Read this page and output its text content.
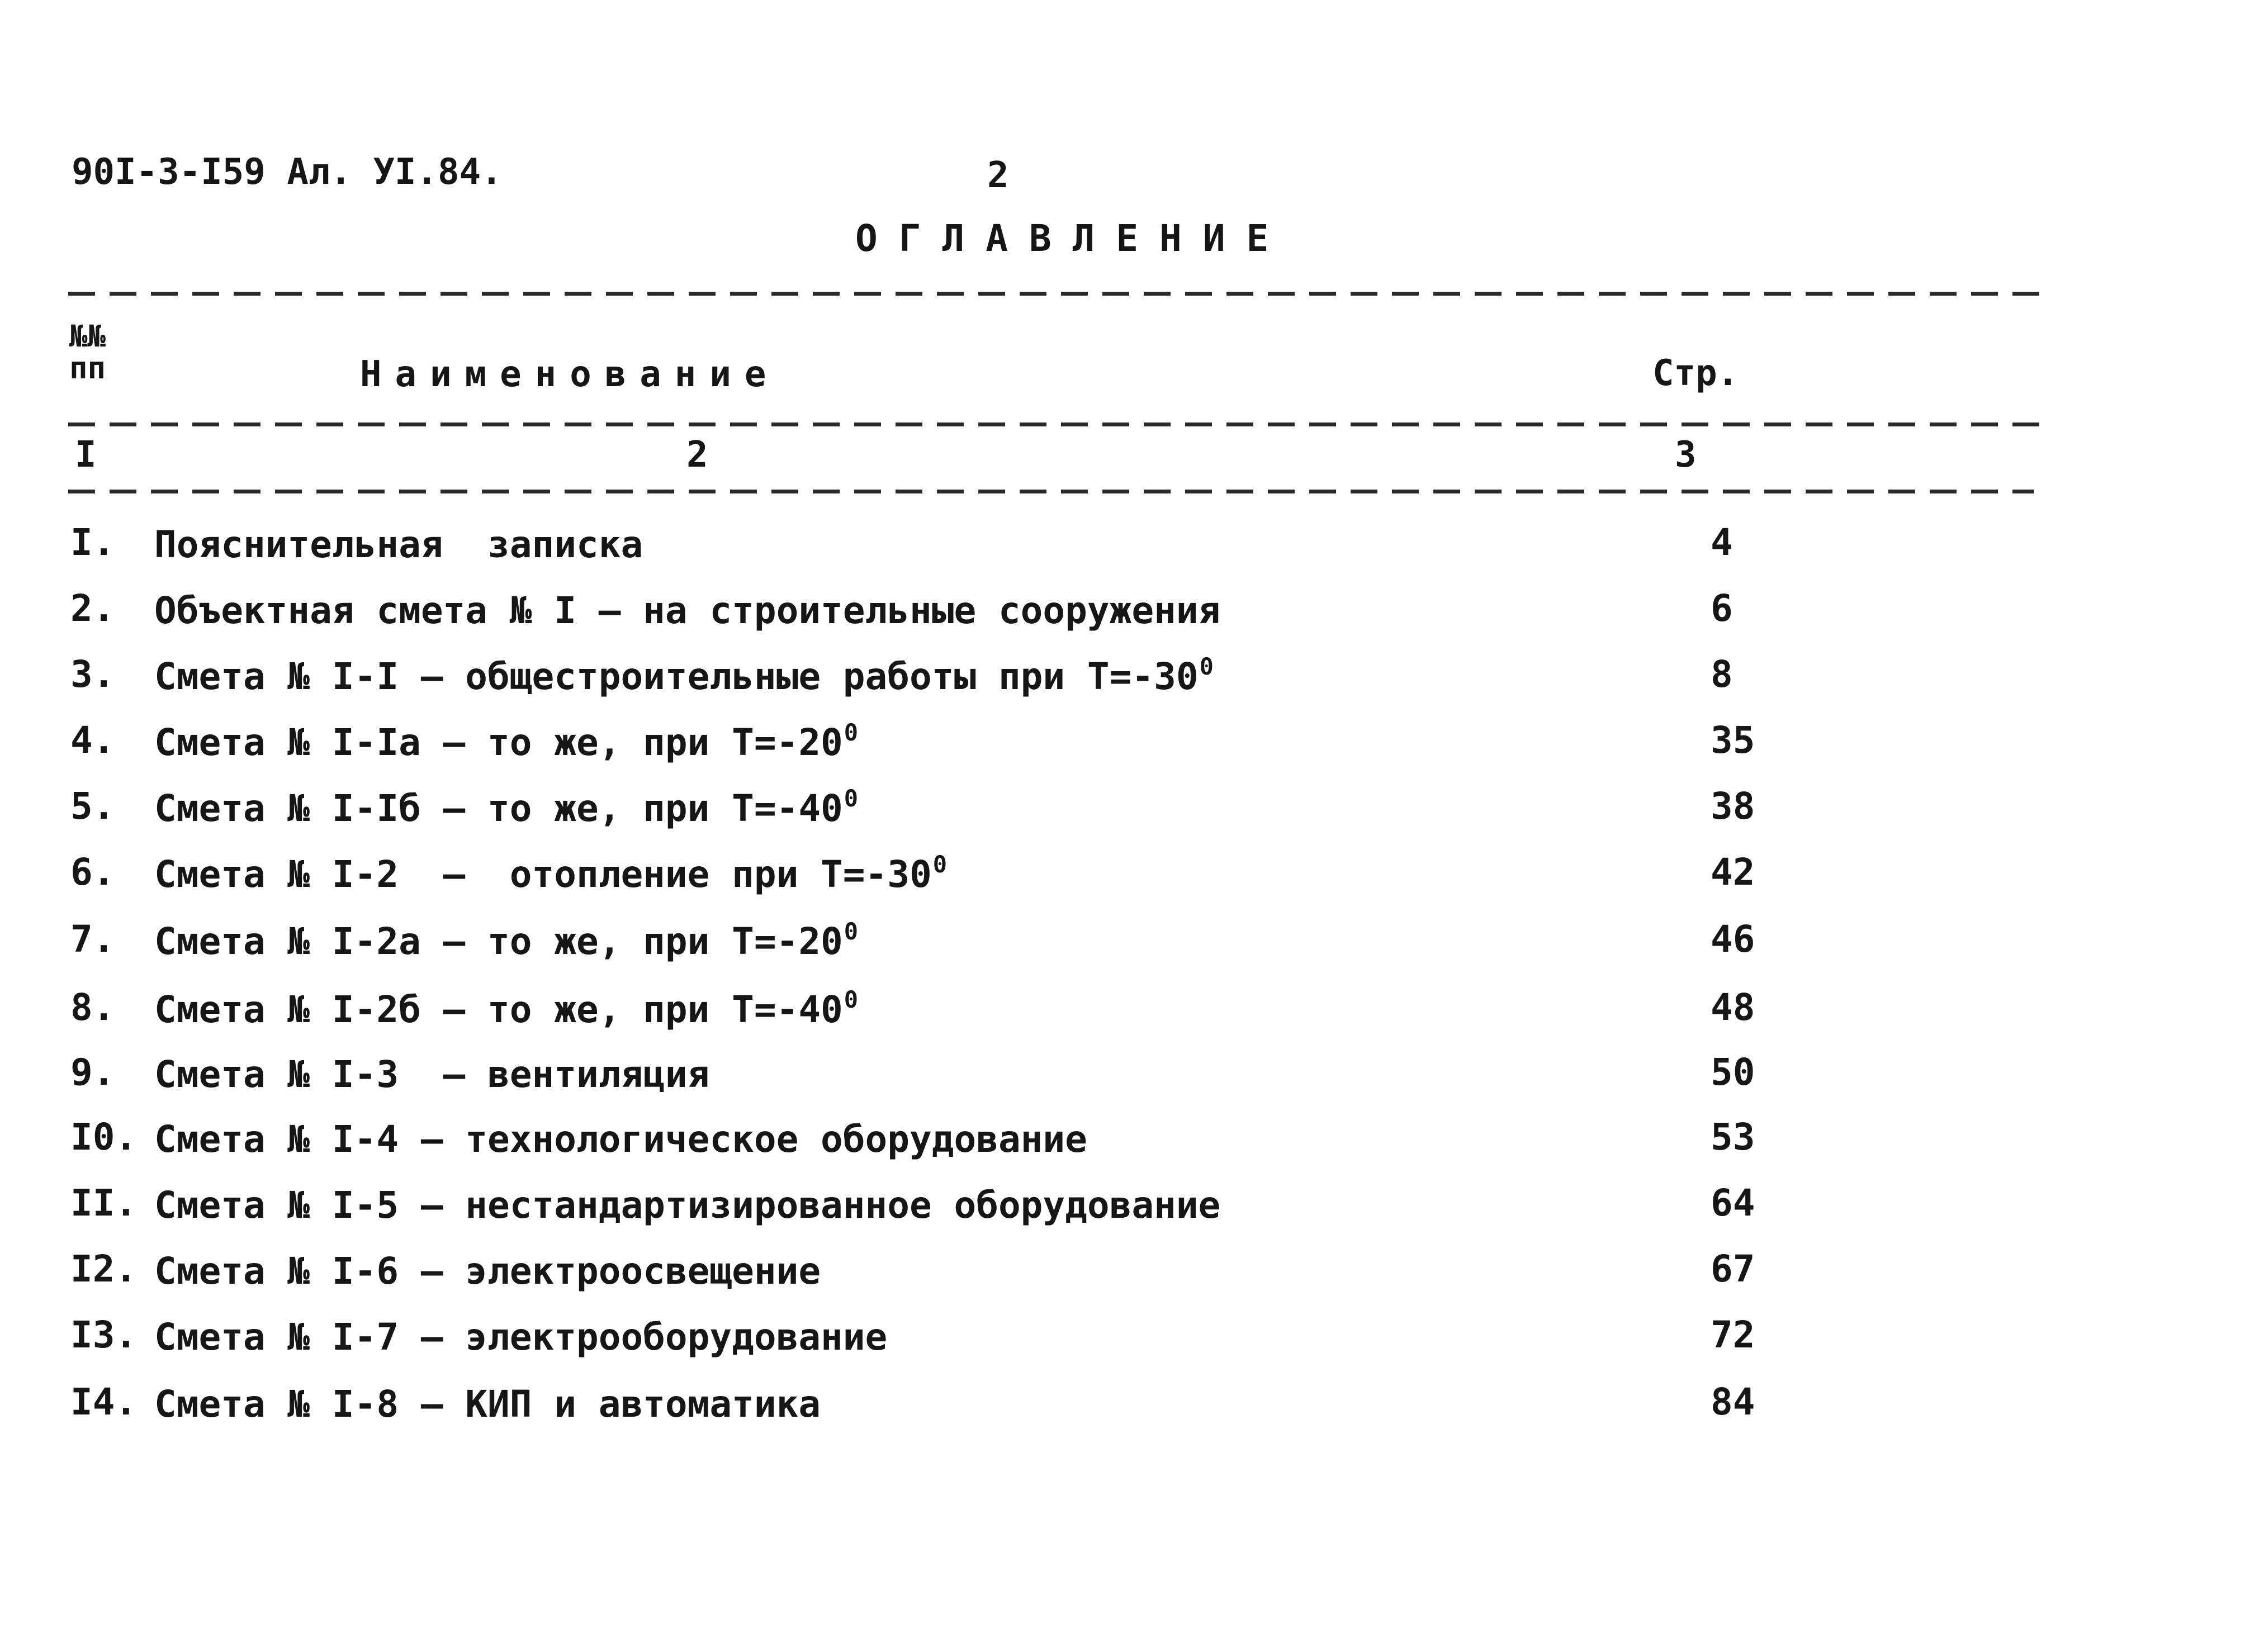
90I-3-I59 Ал. УI.84.	2
ОГЛАВЛЕНИЕ
№№
пп	Наименование	Стр.
I	2	3
I. Пояснительная  записка	4
2. Объектная смета № I – на строительные сооружения	6
3. Смета № I-I – общестроительные работы при $Т=-30^0$	8
4. Смета № I-Iа – то же, при $Т=-20^0$	35
5. Смета № I-Iб – то же, при $Т=-40^0$	38
6. Смета № I-2  –  отопление при $Т=-30^0$	42
7. Смета № I-2а – то же, при $Т=-20^0$	46
8. Смета № I-2б – то же, при $Т=-40^0$	48
9. Смета № I-3  – вентиляция	50
I0. Смета № I-4 – технологическое оборудование	53
II. Смета № I-5 – нестандартизированное оборудование	64
I2. Смета № I-6 – электроосвещение	67
I3. Смета № I-7 – электрооборудование	72
I4. Смета № I-8 – КИП и автоматика	84
